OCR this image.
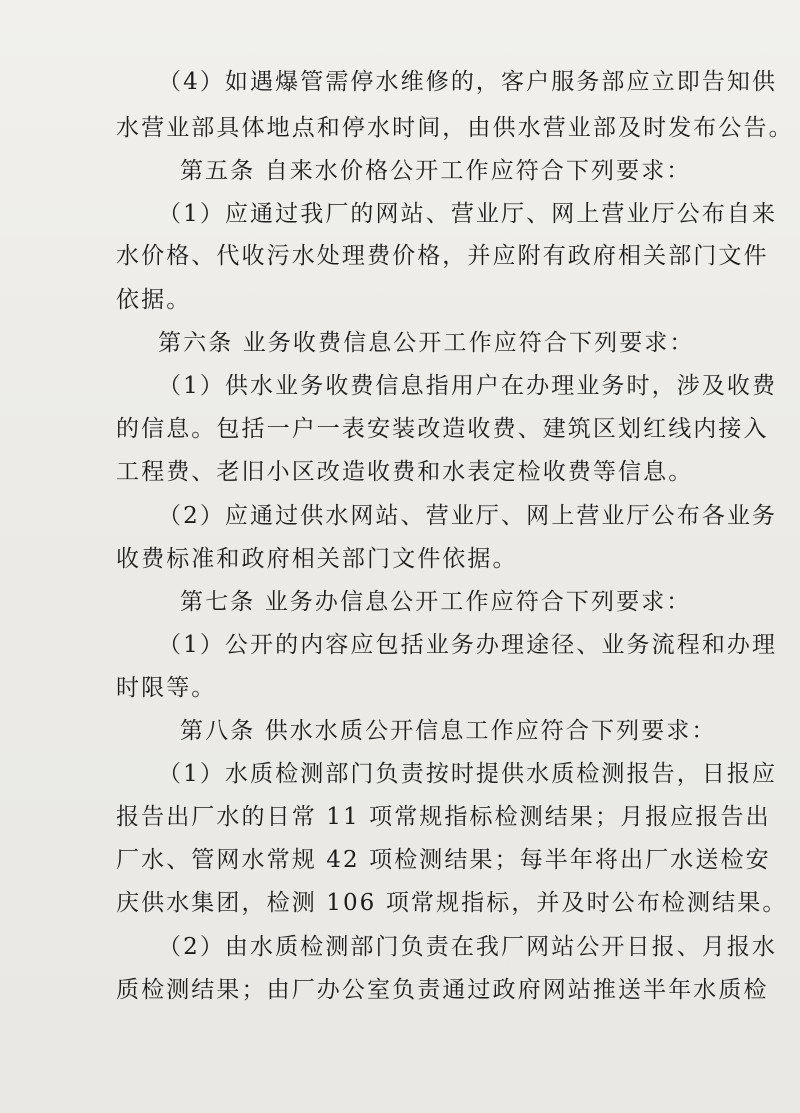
（4）如遇爆管需停水维修的，客户服务部应立即告知供
水营业部具体地点和停水时间，由供水营业部及时发布公告。
第五条 自来水价格公开工作应符合下列要求：
（1）应通过我厂的网站、营业厅、网上营业厅公布自来
水价格、代收污水处理费价格，并应附有政府相关部门文件
依据。
第六条 业务收费信息公开工作应符合下列要求：
（1）供水业务收费信息指用户在办理业务时，涉及收费
的信息。包括一户一表安装改造收费、建筑区划红线内接入
工程费、老旧小区改造收费和水表定检收费等信息。
（2）应通过供水网站、营业厅、网上营业厅公布各业务
收费标准和政府相关部门文件依据。
第七条 业务办信息公开工作应符合下列要求：
（1）公开的内容应包括业务办理途径、业务流程和办理
时限等。
第八条 供水水质公开信息工作应符合下列要求：
（1）水质检测部门负责按时提供水质检测报告，日报应
报告出厂水的日常 11 项常规指标检测结果；月报应报告出
厂水、管网水常规 42 项检测结果；每半年将出厂水送检安
庆供水集团，检测 106 项常规指标，并及时公布检测结果。
（2）由水质检测部门负责在我厂网站公开日报、月报水
质检测结果；由厂办公室负责通过政府网站推送半年水质检
